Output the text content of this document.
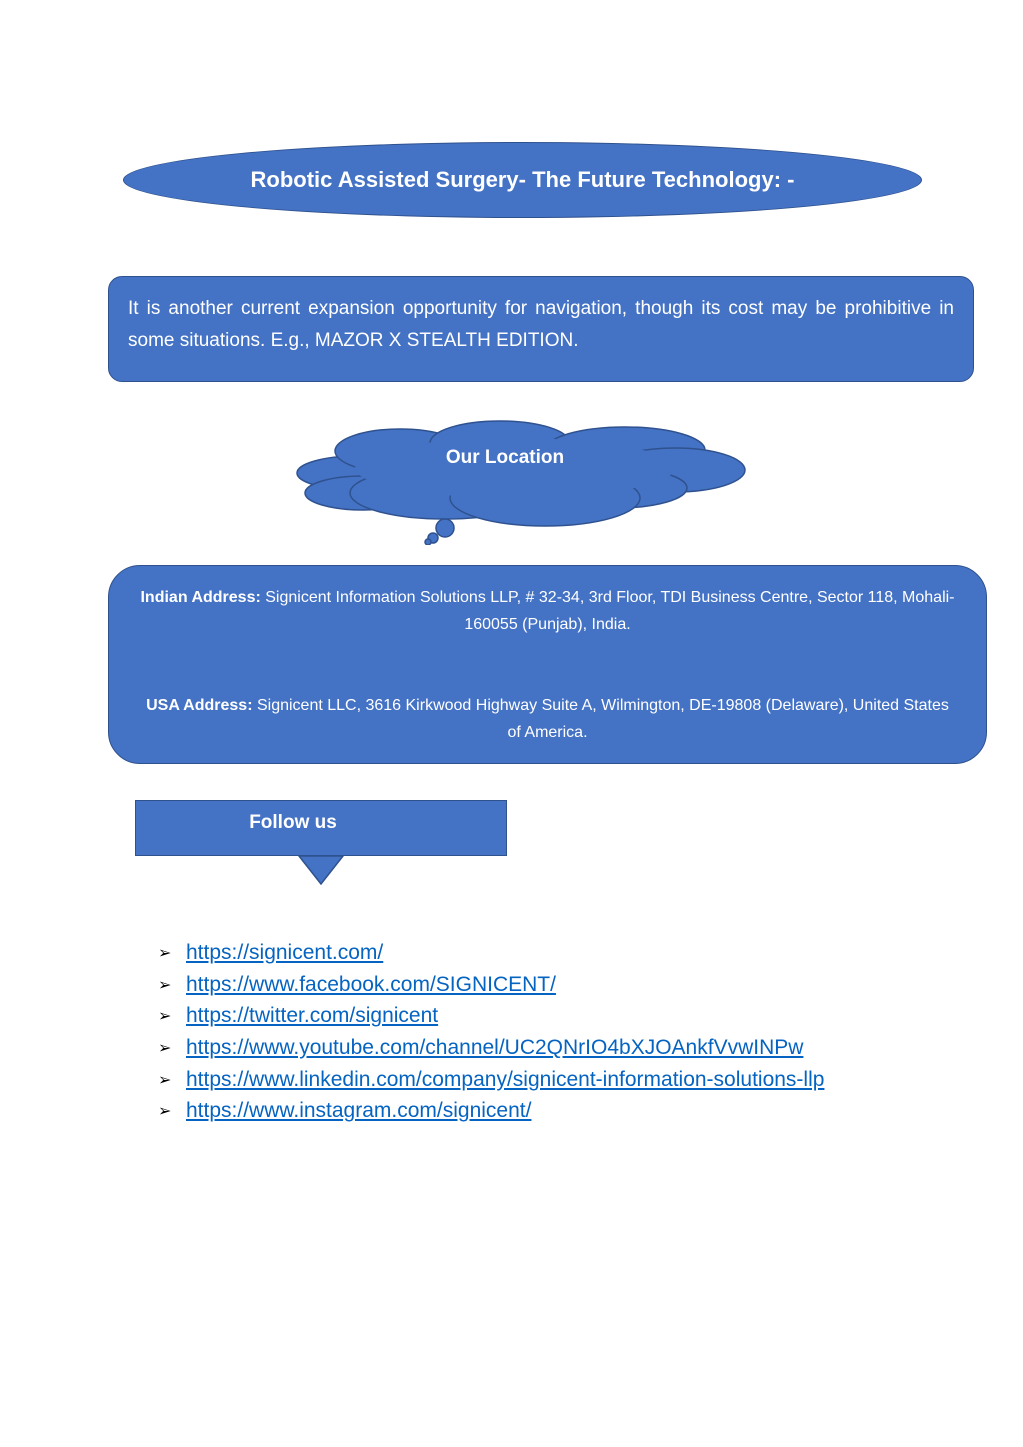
Robotic Assisted Surgery- The Future Technology: -
It is another current expansion opportunity for navigation, though its cost may be prohibitive in some situations. E.g., MAZOR X STEALTH EDITION.
Our Location

Indian Address: Signicent Information Solutions LLP, # 32-34, 3rd Floor, TDI Business Centre, Sector 118, Mohali-160055 (Punjab), India.

USA Address: Signicent LLC, 3616 Kirkwood Highway Suite A, Wilmington, DE-19808 (Delaware), United States of America.

Follow us
➢ https://signicent.com/
➢ https://www.facebook.com/SIGNICENT/
➢ https://twitter.com/signicent
➢ https://www.youtube.com/channel/UC2QNrIO4bXJOAnkfVvwINPw
➢ https://www.linkedin.com/company/signicent-information-solutions-llp
➢ https://www.instagram.com/signicent/
